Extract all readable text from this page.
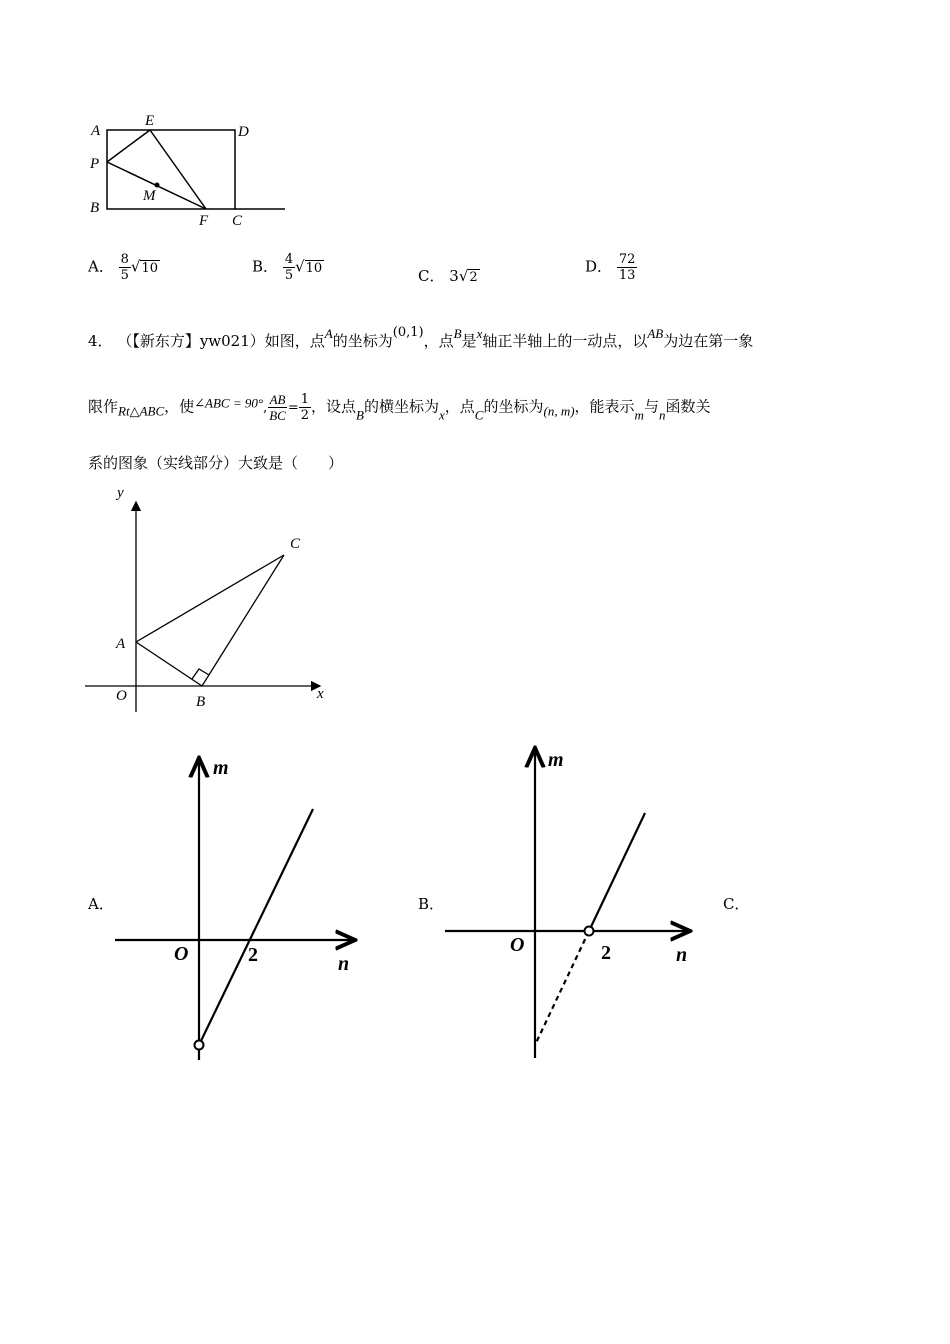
A
E
D
P
M
B
F C
A． $\frac{8}{5} √10$	B． $\frac{4}{5} √10$	C． 3√2
D． $\frac{72}{13}$
4． （【新东方】yw021）如图，点A的坐标为(0,1)，点B是x轴正半轴上的一动点，以AB为边在第一象
限作Rt△ABC，使∠ABC = 90°, $\frac{AB}{BC} = \frac{1}{2}$ ，设点B的横坐标为x，点C的坐标为(n, m)，能表示m与n函数关
系的图象（实线部分）大致是（　　）
y
C
A
O	B	x
A．
m
O	n
2
B．
m
O	n
2
C．
